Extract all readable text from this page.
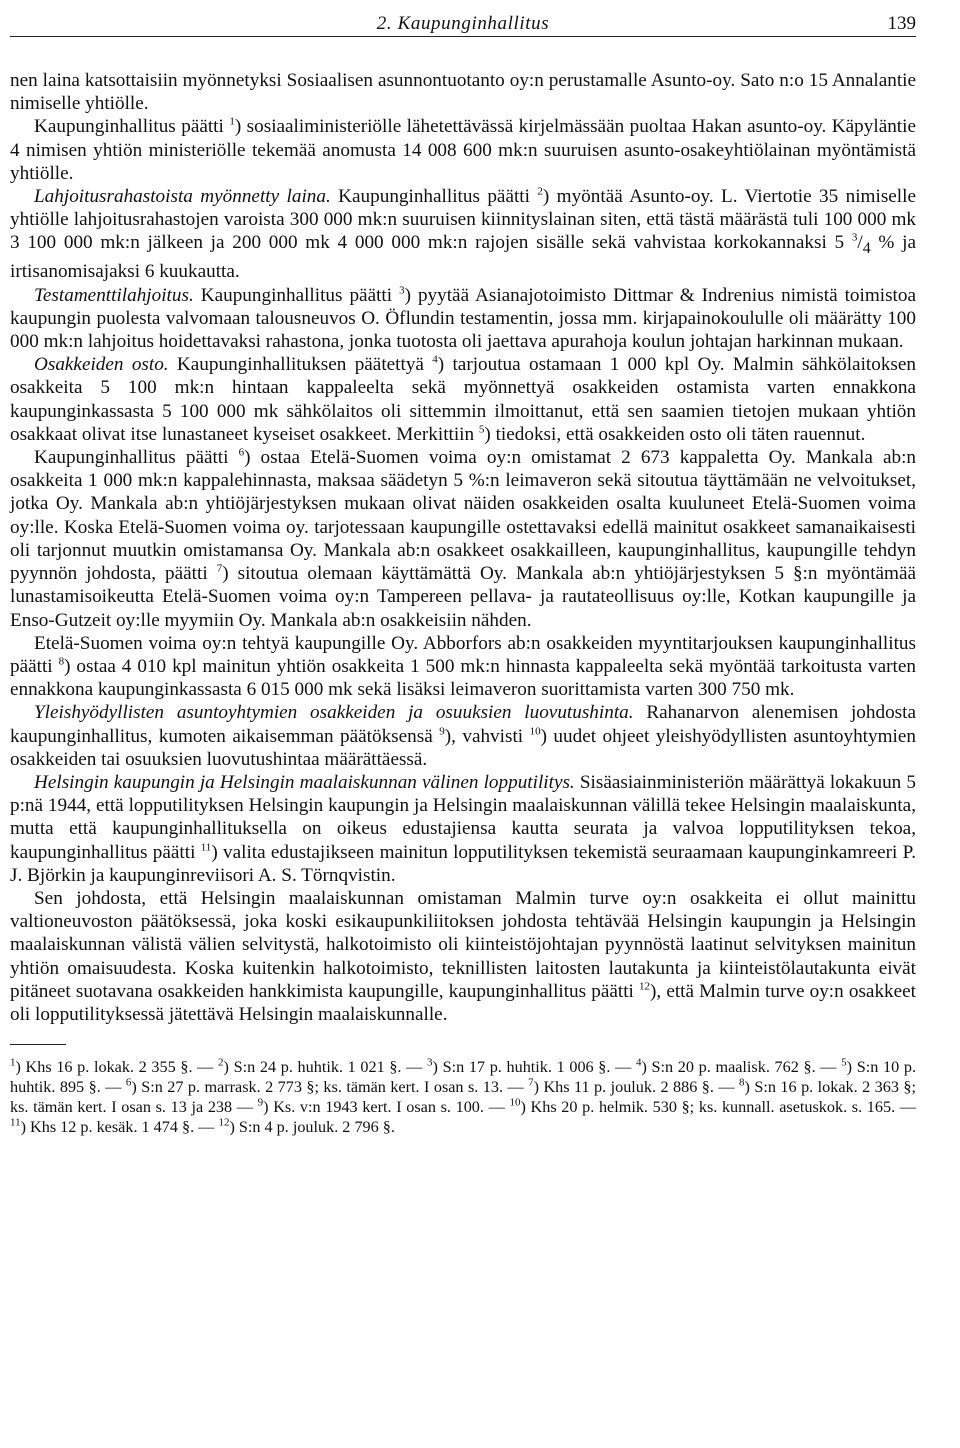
2. Kaupunginhallitus	139

nen laina katsottaisiin myönnetyksi Sosiaalisen asunnontuotanto oy:n perustamalle Asunto-oy. Sato n:o 15 Annalantie nimiselle yhtiölle.

Kaupunginhallitus päätti $^1$) sosiaaliministeriölle lähetettävässä kirjelmässään puoltaa Hakan asunto-oy. Käpyläntie 4 nimisen yhtiön ministeriölle tekemää anomusta 14 008 600 mk:n suuruisen asunto-osakeyhtiölainan myöntämistä yhtiölle.

Lahjoitusrahastoista myönnetty laina. Kaupunginhallitus päätti $^2$) myöntää Asunto-oy. L. Viertotie 35 nimiselle yhtiölle lahjoitusrahastojen varoista 300 000 mk:n suuruisen kiinnityslainan siten, että tästä määrästä tuli 100 000 mk 3 100 000 mk:n jälkeen ja 200 000 mk 4 000 000 mk:n rajojen sisälle sekä vahvistaa korkokannaksi 5 $^3/_4$ % ja irtisanomisajaksi 6 kuukautta.

Testamenttilahjoitus. Kaupunginhallitus päätti $^3$) pyytää Asianajotoimisto Dittmar & Indrenius nimistä toimistoa kaupungin puolesta valvomaan talousneuvos O. Öflundin testamentin, jossa mm. kirjapainokoululle oli määrätty 100 000 mk:n lahjoitus hoidettavaksi rahastona, jonka tuotosta oli jaettava apurahoja koulun johtajan harkinnan mukaan.

Osakkeiden osto. Kaupunginhallituksen päätettyä $^4$) tarjoutua ostamaan 1 000 kpl Oy. Malmin sähkölaitoksen osakkeita 5 100 mk:n hintaan kappaleelta sekä myönnettyä osakkeiden ostamista varten ennakkona kaupunginkassasta 5 100 000 mk sähkölaitos oli sittemmin ilmoittanut, että sen saamien tietojen mukaan yhtiön osakkaat olivat itse lunastaneet kyseiset osakkeet. Merkittiin $^5$) tiedoksi, että osakkeiden osto oli täten rauennut.

Kaupunginhallitus päätti $^6$) ostaa Etelä-Suomen voima oy:n omistamat 2 673 kappaletta Oy. Mankala ab:n osakkeita 1 000 mk:n kappalehinnasta, maksaa säädetyn 5 %:n leimaveron sekä sitoutua täyttämään ne velvoitukset, jotka Oy. Mankala ab:n yhtiöjärjestyksen mukaan olivat näiden osakkeiden osalta kuuluneet Etelä-Suomen voima oy:lle. Koska Etelä-Suomen voima oy. tarjotessaan kaupungille ostettavaksi edellä mainitut osakkeet samanaikaisesti oli tarjonnut muutkin omistamansa Oy. Mankala ab:n osakkeet osakkailleen, kaupunginhallitus, kaupungille tehdyn pyynnön johdosta, päätti $^7$) sitoutua olemaan käyttämättä Oy. Mankala ab:n yhtiöjärjestyksen 5 §:n myöntämää lunastamisoikeutta Etelä-Suomen voima oy:n Tampereen pellava- ja rautateollisuus oy:lle, Kotkan kaupungille ja Enso-Gutzeit oy:lle myymiin Oy. Mankala ab:n osakkeisiin nähden.

Etelä-Suomen voima oy:n tehtyä kaupungille Oy. Abborfors ab:n osakkeiden myyntitarjouksen kaupunginhallitus päätti $^8$) ostaa 4 010 kpl mainitun yhtiön osakkeita 1 500 mk:n hinnasta kappaleelta sekä myöntää tarkoitusta varten ennakkona kaupunginkassasta 6 015 000 mk sekä lisäksi leimaveron suorittamista varten 300 750 mk.

Yleishyödyllisten asuntoyhtymien osakkeiden ja osuuksien luovutushinta. Rahanarvon alenemisen johdosta kaupunginhallitus, kumoten aikaisemman päätöksensä $^9$), vahvisti $^{10}$) uudet ohjeet yleishyödyllisten asuntoyhtymien osakkeiden tai osuuksien luovutushintaa määrättäessä.

Helsingin kaupungin ja Helsingin maalaiskunnan välinen lopputilitys. Sisäasiainministeriön määrättyä lokakuun 5 p:nä 1944, että lopputilityksen Helsingin kaupungin ja Helsingin maalaiskunnan välillä tekee Helsingin maalaiskunta, mutta että kaupunginhallituksella on oikeus edustajiensa kautta seurata ja valvoa lopputilityksen tekoa, kaupunginhallitus päätti $^{11}$) valita edustajikseen mainitun lopputilityksen tekemistä seuraamaan kaupunginkamreeri P. J. Björkin ja kaupunginreviisori A. S. Törnqvistin.

Sen johdosta, että Helsingin maalaiskunnan omistaman Malmin turve oy:n osakkeita ei ollut mainittu valtioneuvoston päätöksessä, joka koski esikaupunkiliitoksen johdosta tehtävää Helsingin kaupungin ja Helsingin maalaiskunnan välistä välien selvitystä, halkotoimisto oli kiinteistöjohtajan pyynnöstä laatinut selvityksen mainitun yhtiön omaisuudesta. Koska kuitenkin halkotoimisto, teknillisten laitosten lautakunta ja kiinteistölautakunta eivät pitäneet suotavana osakkeiden hankkimista kaupungille, kaupunginhallitus päätti $^{12}$), että Malmin turve oy:n osakkeet oli lopputilityksessä jätettävä Helsingin maalaiskunnalle.

$^1$) Khs 16 p. lokak. 2 355 §. — $^2$) S:n 24 p. huhtik. 1 021 §. — $^3$) S:n 17 p. huhtik. 1 006 §. — $^4$) S:n 20 p. maalisk. 762 §. — $^5$) S:n 10 p. huhtik. 895 §. — $^6$) S:n 27 p. marrask. 2 773 §; ks. tämän kert. I osan s. 13. — $^7$) Khs 11 p. jouluk. 2 886 §. — $^8$) S:n 16 p. lokak. 2 363 §; ks. tämän kert. I osan s. 13 ja 238 — $^9$) Ks. v:n 1943 kert. I osan s. 100. — $^{10}$) Khs 20 p. helmik. 530 §; ks. kunnall. asetuskok. s. 165. — $^{11}$) Khs 12 p. kesäk. 1 474 §. — $^{12}$) S:n 4 p. jouluk. 2 796 §.
